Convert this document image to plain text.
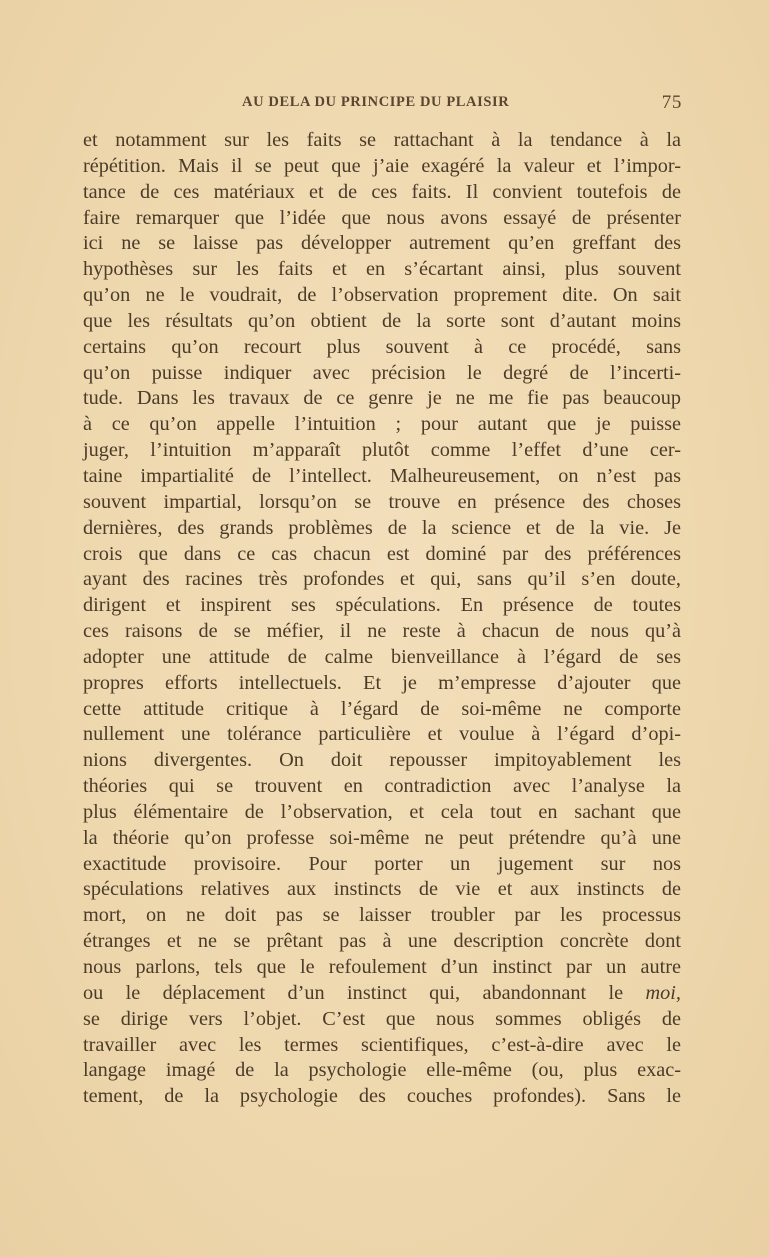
AU DELA DU PRINCIPE DU PLAISIR	75
et notamment sur les faits se rattachant à la tendance à la
répétition. Mais il se peut que j’aie exagéré la valeur et l’impor-
tance de ces matériaux et de ces faits. Il convient toutefois de
faire remarquer que l’idée que nous avons essayé de présenter
ici ne se laisse pas développer autrement qu’en greffant des
hypothèses sur les faits et en s’écartant ainsi, plus souvent
qu’on ne le voudrait, de l’observation proprement dite. On sait
que les résultats qu’on obtient de la sorte sont d’autant moins
certains qu’on recourt plus souvent à ce procédé, sans
qu’on puisse indiquer avec précision le degré de l’incerti-
tude. Dans les travaux de ce genre je ne me fie pas beaucoup
à ce qu’on appelle l’intuition ; pour autant que je puisse
juger, l’intuition m’apparaît plutôt comme l’effet d’une cer-
taine impartialité de l’intellect. Malheureusement, on n’est pas
souvent impartial, lorsqu’on se trouve en présence des choses
dernières, des grands problèmes de la science et de la vie. Je
crois que dans ce cas chacun est dominé par des préférences
ayant des racines très profondes et qui, sans qu’il s’en doute,
dirigent et inspirent ses spéculations. En présence de toutes
ces raisons de se méfier, il ne reste à chacun de nous qu’à
adopter une attitude de calme bienveillance à l’égard de ses
propres efforts intellectuels. Et je m’empresse d’ajouter que
cette attitude critique à l’égard de soi-même ne comporte
nullement une tolérance particulière et voulue à l’égard d’opi-
nions divergentes. On doit repousser impitoyablement les
théories qui se trouvent en contradiction avec l’analyse la
plus élémentaire de l’observation, et cela tout en sachant que
la théorie qu’on professe soi-même ne peut prétendre qu’à une
exactitude provisoire. Pour porter un jugement sur nos
spéculations relatives aux instincts de vie et aux instincts de
mort, on ne doit pas se laisser troubler par les processus
étranges et ne se prêtant pas à une description concrète dont
nous parlons, tels que le refoulement d’un instinct par un autre
ou le déplacement d’un instinct qui, abandonnant le moi,
se dirige vers l’objet. C’est que nous sommes obligés de
travailler avec les termes scientifiques, c’est-à-dire avec le
langage imagé de la psychologie elle-même (ou, plus exac-
tement, de la psychologie des couches profondes). Sans le
